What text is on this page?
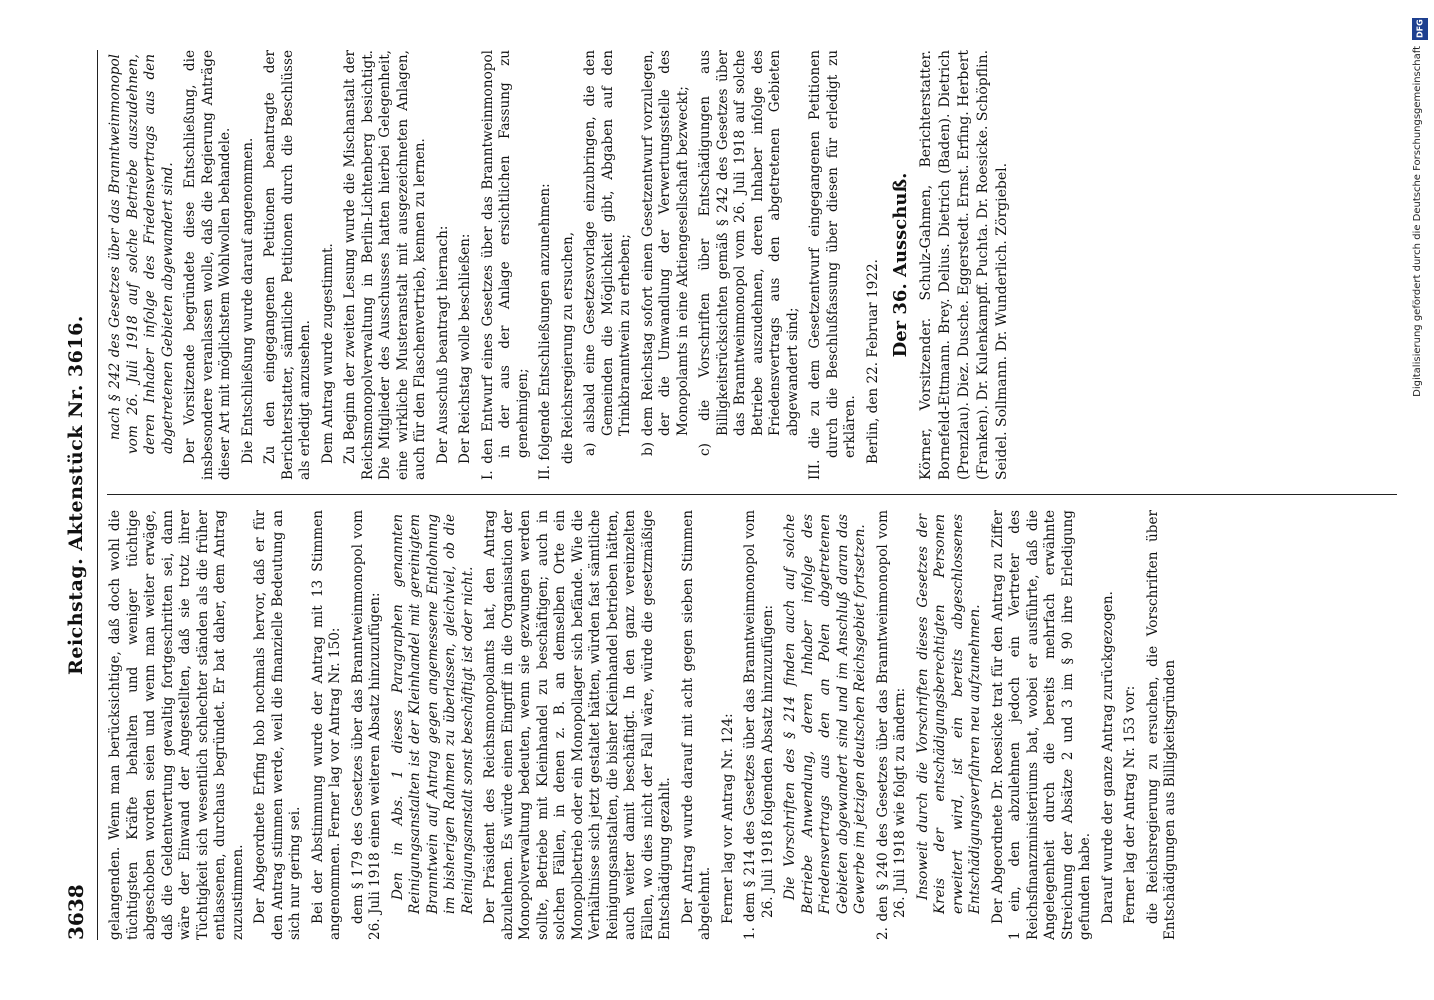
3638
Reichstag. Aktenstück Nr. 3616.

gelangenden. Wenn man berücksichtige, daß doch wohl die tüchtigsten Kräfte behalten und weniger tüchtige abgeschoben worden seien und wenn man weiter erwäge, daß die Geldentwertung gewaltig fortgeschritten sei, dann wäre der Einwand der Angestellten, daß sie trotz ihrer Tüchtigkeit sich wesentlich schlechter ständen als die früher entlassenen, durchaus begründet. Er bat daher, dem Antrag zuzustimmen. Der Abgeordnete Erfing hob nochmals hervor, daß er für den Antrag stimmen werde, weil die finanzielle Bedeutung an sich nur gering sei. Bei der Abstimmung wurde der Antrag mit 13 Stimmen angenommen. Ferner lag vor Antrag Nr. 150: dem § 179 des Gesetzes über das Branntweinmonopol vom 26. Juli 1918 einen weiteren Absatz hinzuzufügen: Den in Abs. 1 dieses Paragraphen genannten Reinigungsanstalten ist der Kleinhandel mit gereinigtem Branntwein auf Antrag gegen angemessene Entlohnung im bisherigen Rahmen zu überlassen, gleichviel, ob die Reinigungsanstalt sonst beschäftigt ist oder nicht. Der Präsident des Reichsmonopolamts hat, den Antrag abzulehnen. Es würde einen Eingriff in die Organisation der Monopolverwaltung bedeuten, wenn sie gezwungen werden sollte, Betriebe mit Kleinhandel zu beschäftigen; auch in solchen Fällen, in denen z. B. an demselben Orte ein Monopolbetrieb oder ein Monopollager sich befände. Wie die Verhältnisse sich jetzt gestaltet hätten, würden fast sämtliche Reinigungsanstalten, die bisher Kleinhandel betrieben hätten, auch weiter damit beschäftigt. In den ganz vereinzelten Fällen, wo dies nicht der Fall wäre, würde die gesetzmäßige Entschädigung gezahlt. Der Antrag wurde darauf mit acht gegen sieben Stimmen abgelehnt. Ferner lag vor Antrag Nr. 124: 1. dem § 214 des Gesetzes über das Branntweinmonopol vom 26. Juli 1918 folgenden Absatz hinzuzufügen: Die Vorschriften des § 214 finden auch auf solche Betriebe Anwendung, deren Inhaber infolge des Friedensvertrags aus den an Polen abgetretenen Gebieten abgewandert sind und im Anschluß daran das Gewerbe im jetzigen deutschen Reichsgebiet fortsetzen. 2. den § 240 des Gesetzes über das Branntweinmonopol vom 26. Juli 1918 wie folgt zu ändern: Insoweit durch die Vorschriften dieses Gesetzes der Kreis der entschädigungsberechtigten Personen erweitert wird, ist ein bereits abgeschlossenes Entschädigungsverfahren neu aufzunehmen. Der Abgeordnete Dr. Roesicke trat für den Antrag zu Ziffer 1 ein, den abzulehnen jedoch ein Vertreter des Reichsfinanzministeriums bat, wobei er ausführte, daß die Angelegenheit durch die bereits mehrfach erwähnte Streichung der Absätze 2 und 3 im § 90 ihre Erledigung gefunden habe. Darauf wurde der ganze Antrag zurückgezogen. Ferner lag der Antrag Nr. 153 vor: die Reichsregierung zu ersuchen, die Vorschriften über Entschädigungen aus Billigkeitsgründen

nach § 242 des Gesetzes über das Branntweinmonopol vom 26. Juli 1918 auf solche Betriebe auszudehnen, deren Inhaber infolge des Friedensvertrags aus den abgetretenen Gebieten abgewandert sind. Der Vorsitzende begründete diese Entschließung, die insbesondere veranlassen wolle, daß die Regierung Anträge dieser Art mit möglichstem Wohlwollen behandele. Die Entschließung wurde darauf angenommen. Zu den eingegangenen Petitionen beantragte der Berichterstatter, sämtliche Petitionen durch die Beschlüsse als erledigt anzusehen. Dem Antrag wurde zugestimmt. Zu Beginn der zweiten Lesung wurde die Mischanstalt der Reichsmonopolverwaltung in Berlin-Lichtenberg besichtigt. Die Mitglieder des Ausschusses hatten hierbei Gelegenheit, eine wirkliche Musteranstalt mit ausgezeichneten Anlagen, auch für den Flaschenvertrieb, kennen zu lernen. Der Ausschuß beantragt hiernach: Der Reichstag wolle beschließen: I. den Entwurf eines Gesetzes über das Branntweinmonopol in der aus der Anlage ersichtlichen Fassung zu genehmigen; II. folgende Entschließungen anzunehmen: die Reichsregierung zu ersuchen, a) alsbald eine Gesetzesvorlage einzubringen, die den Gemeinden die Möglichkeit gibt, Abgaben auf den Trinkbranntwein zu erheben; b) dem Reichstag sofort einen Gesetzentwurf vorzulegen, der die Umwandlung der Verwertungsstelle des Monopolamts in eine Aktiengesellschaft bezweckt; c) die Vorschriften über Entschädigungen aus Billigkeitsrücksichten gemäß § 242 des Gesetzes über das Branntweinmonopol vom 26. Juli 1918 auf solche Betriebe auszudehnen, deren Inhaber infolge des Friedensvertrags aus den abgetretenen Gebieten abgewandert sind; III. die zu dem Gesetzentwurf eingegangenen Petitionen durch die Beschlußfassung über diesen für erledigt zu erklären. Berlin, den 22. Februar 1922. Der 36. Ausschuß. Körner, Vorsitzender. Schulz-Gahmen, Berichterstatter. Bornefeld-Ettmann. Brey. Delius. Dietrich (Baden). Dietrich (Prenzlau). Diez. Dusche. Eggerstedt. Ernst. Erfing. Herbert (Franken). Dr. Kulenkampff. Puchta. Dr. Roesicke. Schöpflin. Seidel. Sollmann. Dr. Wunderlich. Zörgiebel.

DFG
Digitalisierung gefördert durch die Deutsche Forschungsgemeinschaft
